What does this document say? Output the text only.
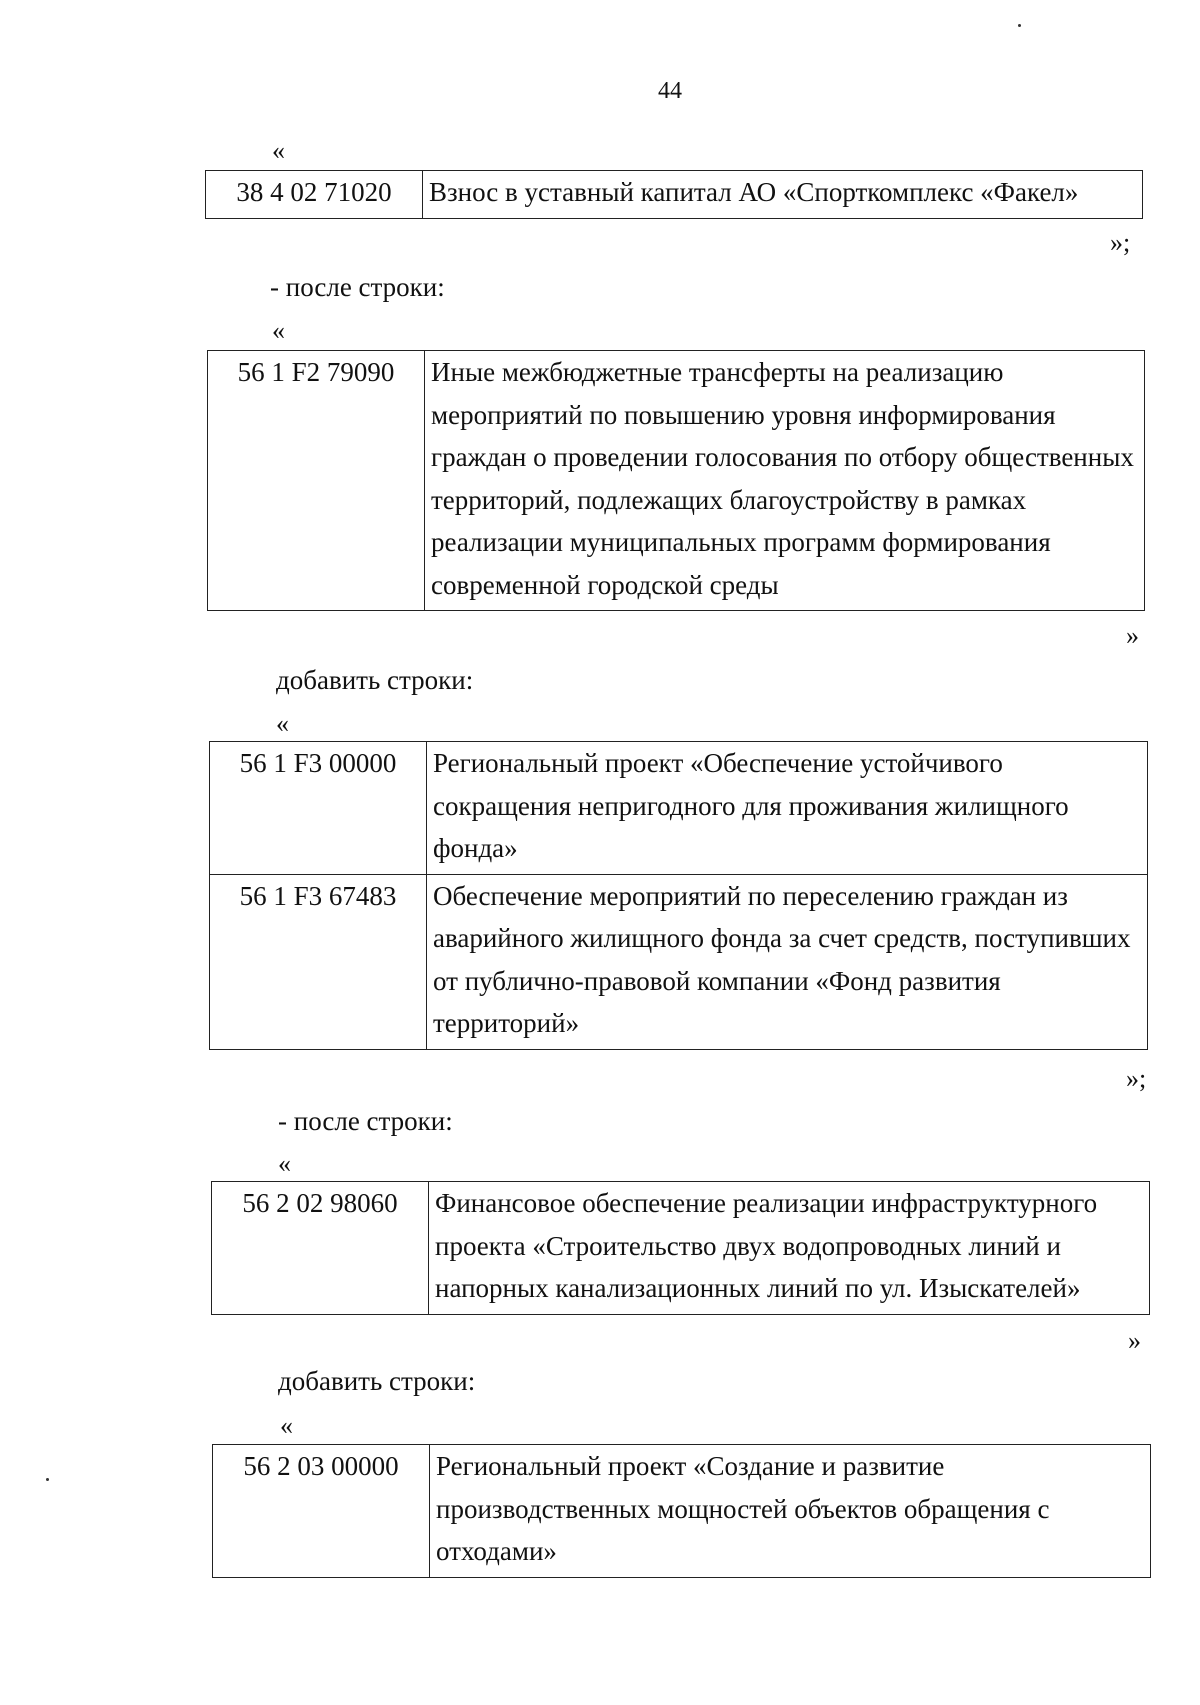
44
«
38 4 02 71020	Взнос в уставный капитал АО «Спорткомплекс «Факел»
»;
- после строки:
«
56 1 F2 79090	Иные межбюджетные трансферты на реализацию мероприятий по повышению уровня информирования граждан о проведении голосования по отбору общественных территорий, подлежащих благоустройству в рамках реализации муниципальных программ формирования современной городской среды
»
добавить строки:
«
56 1 F3 00000	Региональный проект «Обеспечение устойчивого сокращения непригодного для проживания жилищного фонда»
56 1 F3 67483	Обеспечение мероприятий по переселению граждан из аварийного жилищного фонда за счет средств, поступивших от публично-правовой компании «Фонд развития территорий»
»;
- после строки:
«
56 2 02 98060	Финансовое обеспечение реализации инфраструктурного проекта «Строительство двух водопроводных линий и напорных канализационных линий по ул. Изыскателей»
»
добавить строки:
«
56 2 03 00000	Региональный проект «Создание и развитие производственных мощностей объектов обращения с отходами»
